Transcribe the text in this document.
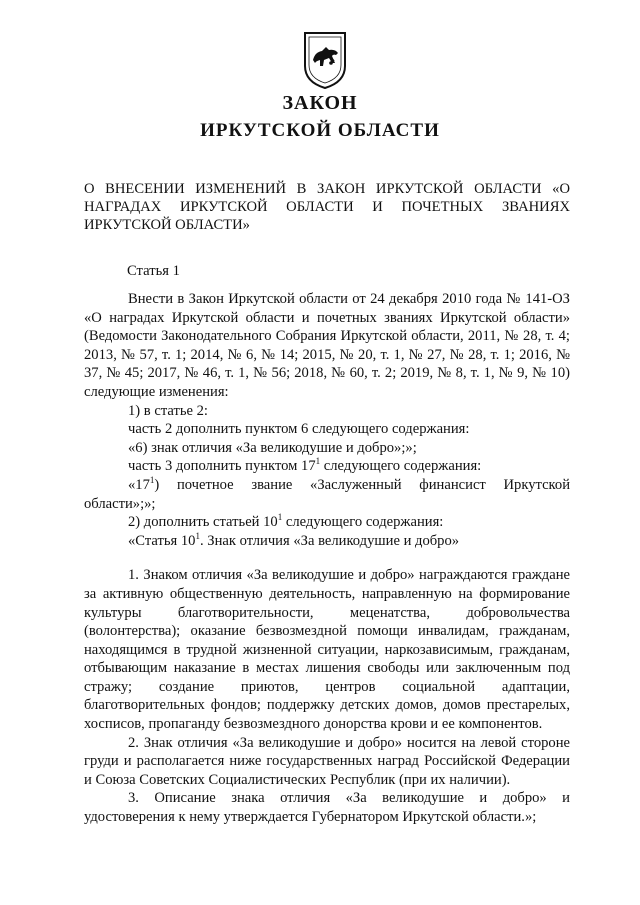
ЗАКОН
ИРКУТСКОЙ ОБЛАСТИ
О ВНЕСЕНИИ ИЗМЕНЕНИЙ В ЗАКОН ИРКУТСКОЙ ОБЛАСТИ «О НАГРАДАХ ИРКУТСКОЙ ОБЛАСТИ И ПОЧЕТНЫХ ЗВАНИЯХ ИРКУТСКОЙ ОБЛАСТИ»
Статья 1

Внести в Закон Иркутской области от 24 декабря 2010 года № 141-ОЗ «О наградах Иркутской области и почетных званиях Иркутской области» (Ведомости Законодательного Собрания Иркутской области, 2011, № 28, т. 4; 2013, № 57, т. 1; 2014, № 6, № 14; 2015, № 20, т. 1, № 27, № 28, т. 1; 2016, № 37, № 45; 2017, № 46, т. 1, № 56; 2018, № 60, т. 2; 2019, № 8, т. 1, № 9, № 10) следующие изменения:

1) в статье 2:

часть 2 дополнить пунктом 6 следующего содержания:

«6) знак отличия «За великодушие и добро»;»;

часть 3 дополнить пунктом $17^1$ следующего содержания:

«$17^1$) почетное звание «Заслуженный финансист Иркутской области»;»;

2) дополнить статьей $10^1$ следующего содержания:

«Статья $10^1$. Знак отличия «За великодушие и добро»

1. Знаком отличия «За великодушие и добро» награждаются граждане за активную общественную деятельность, направленную на формирование культуры благотворительности, меценатства, добровольчества (волонтерства); оказание безвозмездной помощи инвалидам, гражданам, находящимся в трудной жизненной ситуации, наркозависимым, гражданам, отбывающим наказание в местах лишения свободы или заключенным под стражу; создание приютов, центров социальной адаптации, благотворительных фондов; поддержку детских домов, домов престарелых, хосписов, пропаганду безвозмездного донорства крови и ее компонентов.

2. Знак отличия «За великодушие и добро» носится на левой стороне груди и располагается ниже государственных наград Российской Федерации и Союза Советских Социалистических Республик (при их наличии).

3. Описание знака отличия «За великодушие и добро» и удостоверения к нему утверждается Губернатором Иркутской области.»;
